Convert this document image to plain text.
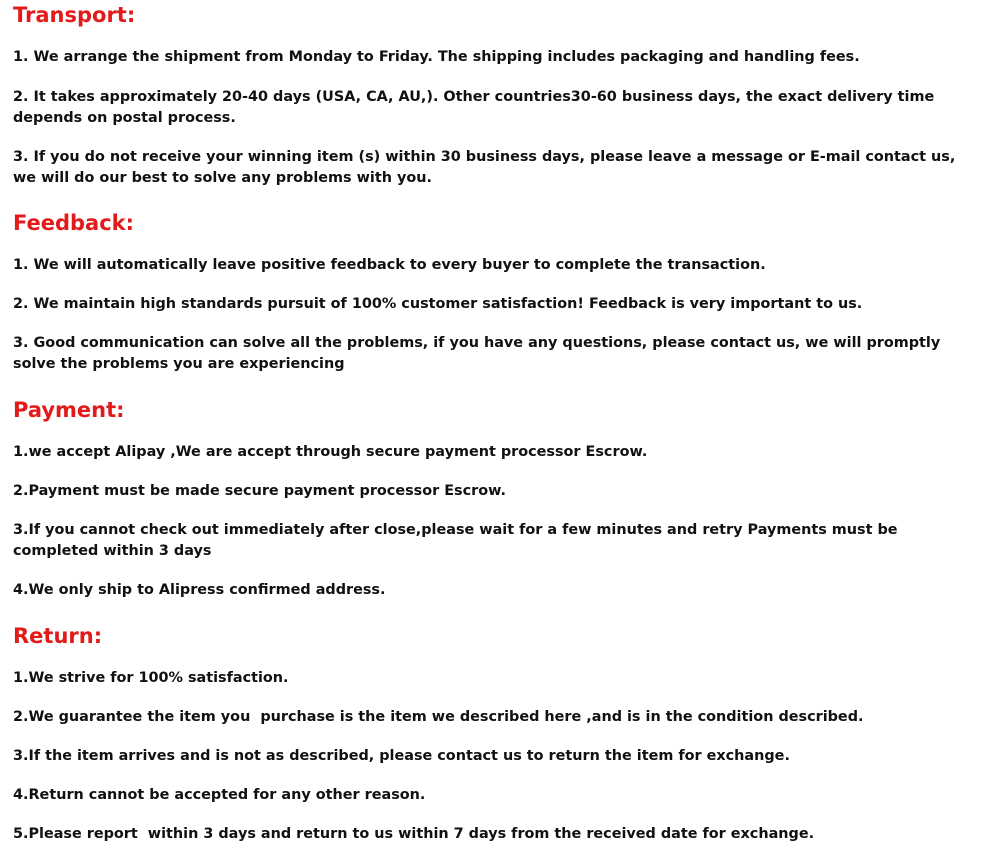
Transport:

1. We arrange the shipment from Monday to Friday. The shipping includes packaging and handling fees.

2. It takes approximately 20-40 days (USA, CA, AU,). Other countries30-60 business days, the exact delivery time depends on postal process.

3. If you do not receive your winning item (s) within 30 business days, please leave a message or E-mail contact us, we will do our best to solve any problems with you.

Feedback:

1. We will automatically leave positive feedback to every buyer to complete the transaction.

2. We maintain high standards pursuit of 100% customer satisfaction! Feedback is very important to us.

3. Good communication can solve all the problems, if you have any questions, please contact us, we will promptly solve the problems you are experiencing

Payment:

1.we accept Alipay ,We are accept through secure payment processor Escrow.

2.Payment must be made secure payment processor Escrow.

3.If you cannot check out immediately after close,please wait for a few minutes and retry Payments must be completed within 3 days

4.We only ship to Alipress confirmed address.

Return:

1.We strive for 100% satisfaction.

2.We guarantee the item you  purchase is the item we described here ,and is in the condition described.

3.If the item arrives and is not as described, please contact us to return the item for exchange.

4.Return cannot be accepted for any other reason.

5.Please report  within 3 days and return to us within 7 days from the received date for exchange.
